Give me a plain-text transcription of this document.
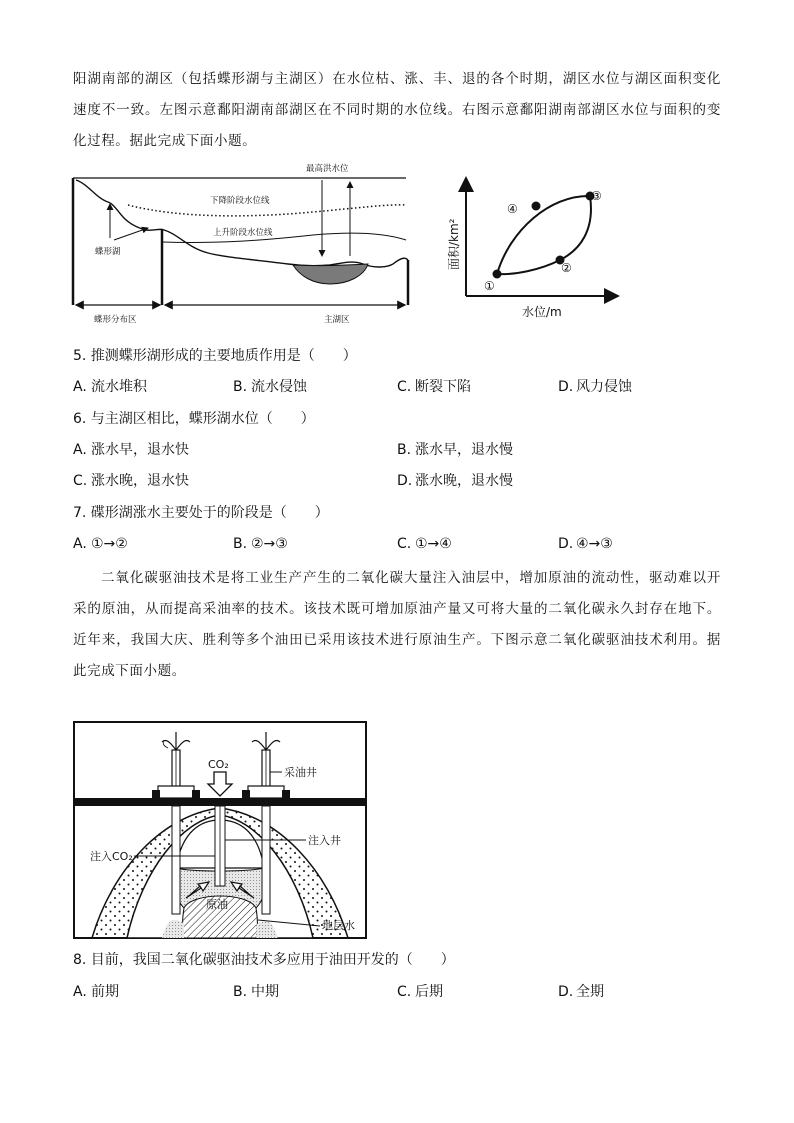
阳湖南部的湖区（包括蝶形湖与主湖区）在水位枯、涨、丰、退的各个时期，湖区水位与湖区面积变化速度不一致。左图示意鄱阳湖南部湖区在不同时期的水位线。右图示意鄱阳湖南部湖区水位与面积的变化过程。据此完成下面小题。

最高洪水位
下降阶段水位线
上升阶段水位线
蝶形湖
蝶形分布区	主湖区
面积/km²
水位/m
①
②
③
④
5. 推测蝶形湖形成的主要地质作用是（　　）
A. 流水堆积	B. 流水侵蚀	C. 断裂下陷	D. 风力侵蚀
6. 与主湖区相比，蝶形湖水位（　　）
A. 涨水早，退水快	B. 涨水早，退水慢
C. 涨水晚，退水快	D. 涨水晚，退水慢
7. 碟形湖涨水主要处于的阶段是（　　）
A. ①→②	B. ②→③	C. ①→④	D. ④→③

二氧化碳驱油技术是将工业生产产生的二氧化碳大量注入油层中，增加原油的流动性，驱动难以开采的原油，从而提高采油率的技术。该技术既可增加原油产量又可将大量的二氧化碳永久封存在地下。近年来，我国大庆、胜利等多个油田已采用该技术进行原油生产。下图示意二氧化碳驱油技术利用。据此完成下面小题。

CO₂
采油井
注入井
注入CO₂
原油
地层水
8. 目前，我国二氧化碳驱油技术多应用于油田开发的（　　）
A. 前期	B. 中期	C. 后期	D. 全期
